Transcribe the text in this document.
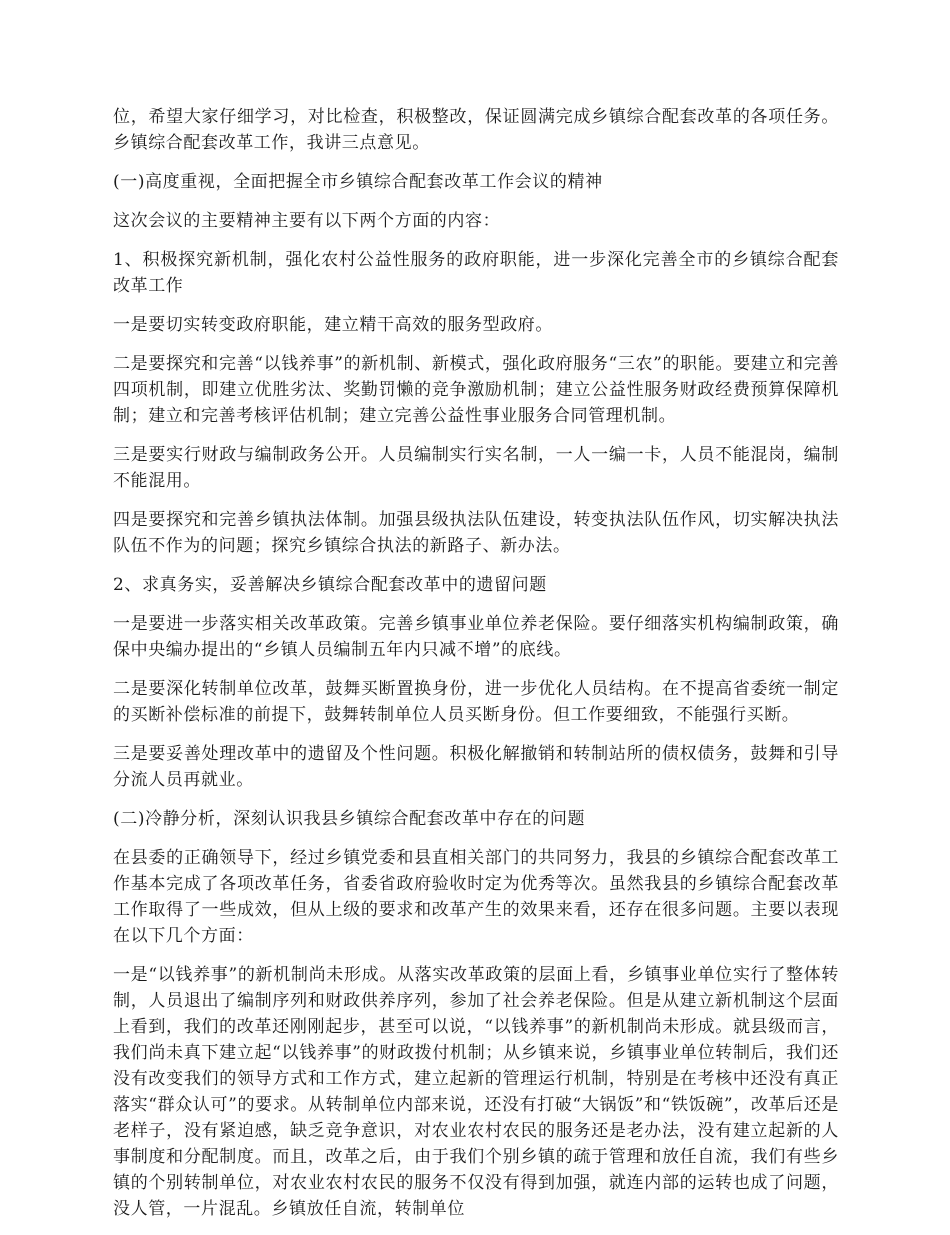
位，希望大家仔细学习，对比检查，积极整改，保证圆满完成乡镇综合配套改革的各项任务。乡镇综合配套改革工作，我讲三点意见。

(一)高度重视，全面把握全市乡镇综合配套改革工作会议的精神

这次会议的主要精神主要有以下两个方面的内容：

1、积极探究新机制，强化农村公益性服务的政府职能，进一步深化完善全市的乡镇综合配套改革工作

一是要切实转变政府职能，建立精干高效的服务型政府。

二是要探究和完善“以钱养事”的新机制、新模式，强化政府服务“三农”的职能。要建立和完善四项机制，即建立优胜劣汰、奖勤罚懒的竞争激励机制；建立公益性服务财政经费预算保障机制；建立和完善考核评估机制；建立完善公益性事业服务合同管理机制。

三是要实行财政与编制政务公开。人员编制实行实名制，一人一编一卡，人员不能混岗，编制不能混用。

四是要探究和完善乡镇执法体制。加强县级执法队伍建设，转变执法队伍作风，切实解决执法队伍不作为的问题；探究乡镇综合执法的新路子、新办法。

2、求真务实，妥善解决乡镇综合配套改革中的遗留问题

一是要进一步落实相关改革政策。完善乡镇事业单位养老保险。要仔细落实机构编制政策，确保中央编办提出的“乡镇人员编制五年内只减不增”的底线。

二是要深化转制单位改革，鼓舞买断置换身份，进一步优化人员结构。在不提高省委统一制定的买断补偿标准的前提下，鼓舞转制单位人员买断身份。但工作要细致，不能强行买断。

三是要妥善处理改革中的遗留及个性问题。积极化解撤销和转制站所的债权债务，鼓舞和引导分流人员再就业。

(二)冷静分析，深刻认识我县乡镇综合配套改革中存在的问题

在县委的正确领导下，经过乡镇党委和县直相关部门的共同努力，我县的乡镇综合配套改革工作基本完成了各项改革任务，省委省政府验收时定为优秀等次。虽然我县的乡镇综合配套改革工作取得了一些成效，但从上级的要求和改革产生的效果来看，还存在很多问题。主要以表现在以下几个方面：

一是“以钱养事”的新机制尚未形成。从落实改革政策的层面上看，乡镇事业单位实行了整体转制，人员退出了编制序列和财政供养序列，参加了社会养老保险。但是从建立新机制这个层面上看到，我们的改革还刚刚起步，甚至可以说，“以钱养事”的新机制尚未形成。就县级而言，我们尚未真下建立起“以钱养事”的财政拨付机制；从乡镇来说，乡镇事业单位转制后，我们还没有改变我们的领导方式和工作方式，建立起新的管理运行机制，特别是在考核中还没有真正落实“群众认可”的要求。从转制单位内部来说，还没有打破“大锅饭”和“铁饭碗”，改革后还是老样子，没有紧迫感，缺乏竞争意识，对农业农村农民的服务还是老办法，没有建立起新的人事制度和分配制度。而且，改革之后，由于我们个别乡镇的疏于管理和放任自流，我们有些乡镇的个别转制单位，对农业农村农民的服务不仅没有得到加强，就连内部的运转也成了问题，没人管，一片混乱。乡镇放任自流，转制单位
